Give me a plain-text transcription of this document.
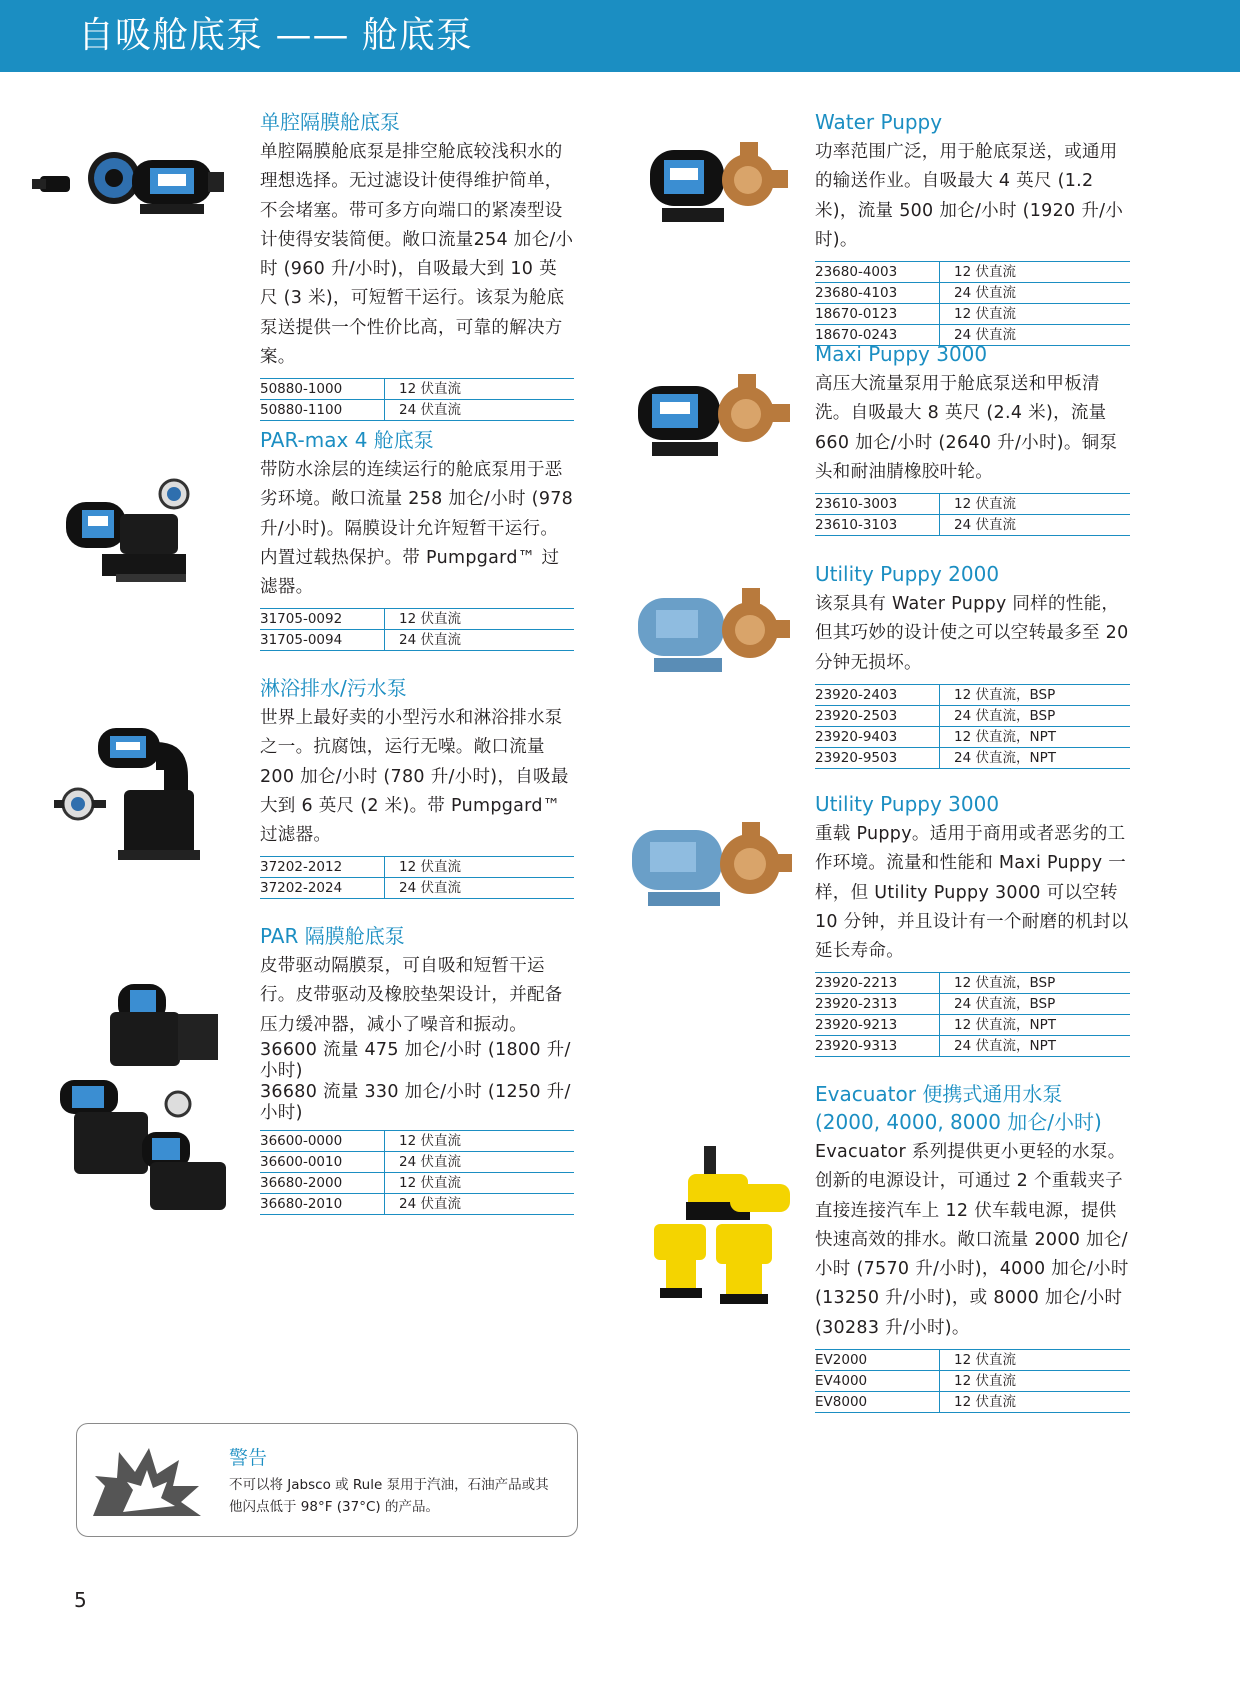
自吸舱底泵 —— 舱底泵
单腔隔膜舱底泵

单腔隔膜舱底泵是排空舱底较浅积水的理想选择。无过滤设计使得维护简单，不会堵塞。带可多方向端口的紧凑型设计使得安装简便。敞口流量254 加仑/小时 (960 升/小时)，自吸最大到 10 英尺 (3 米)，可短暂干运行。该泵为舱底泵送提供一个性价比高，可靠的解决方案。

50880-1000	12 伏直流
50880-1100	24 伏直流
PAR-max 4 舱底泵

带防水涂层的连续运行的舱底泵用于恶劣环境。敞口流量 258 加仑/小时 (978 升/小时)。隔膜设计允许短暂干运行。内置过载热保护。带 Pumpgard™ 过滤器。

31705-0092	12 伏直流
31705-0094	24 伏直流
淋浴排水/污水泵

世界上最好卖的小型污水和淋浴排水泵之一。抗腐蚀，运行无噪。敞口流量 200 加仑/小时 (780 升/小时)，自吸最大到 6 英尺 (2 米)。带 Pumpgard™ 过滤器。

37202-2012	12 伏直流
37202-2024	24 伏直流
PAR 隔膜舱底泵

皮带驱动隔膜泵，可自吸和短暂干运行。皮带驱动及橡胶垫架设计，并配备压力缓冲器，减小了噪音和振动。

36600 流量 475 加仑/小时 (1800 升/小时)

36680 流量 330 加仑/小时 (1250 升/小时)

36600-0000	12 伏直流
36600-0010	24 伏直流
36680-2000	12 伏直流
36680-2010	24 伏直流
Water Puppy

功率范围广泛，用于舱底泵送，或通用的输送作业。自吸最大 4 英尺 (1.2 米)，流量 500 加仑/小时 (1920 升/小时)。

23680-4003	12 伏直流
23680-4103	24 伏直流
18670-0123	12 伏直流
18670-0243	24 伏直流
Maxi Puppy 3000

高压大流量泵用于舱底泵送和甲板清洗。自吸最大 8 英尺 (2.4 米)，流量 660 加仑/小时 (2640 升/小时)。铜泵头和耐油腈橡胶叶轮。

23610-3003	12 伏直流
23610-3103	24 伏直流
Utility Puppy 2000

该泵具有 Water Puppy 同样的性能，但其巧妙的设计使之可以空转最多至 20 分钟无损坏。

23920-2403	12 伏直流，BSP
23920-2503	24 伏直流，BSP
23920-9403	12 伏直流，NPT
23920-9503	24 伏直流，NPT
Utility Puppy 3000

重载 Puppy。适用于商用或者恶劣的工作环境。流量和性能和 Maxi Puppy 一样，但 Utility Puppy 3000 可以空转 10 分钟，并且设计有一个耐磨的机封以延长寿命。

23920-2213	12 伏直流，BSP
23920-2313	24 伏直流，BSP
23920-9213	12 伏直流，NPT
23920-9313	24 伏直流，NPT
Evacuator 便携式通用水泵 (2000, 4000, 8000 加仑/小时)

Evacuator 系列提供更小更轻的水泵。创新的电源设计，可通过 2 个重载夹子直接连接汽车上 12 伏车载电源，提供快速高效的排水。敞口流量 2000 加仑/小时 (7570 升/小时)，4000 加仑/小时 (13250 升/小时)，或 8000 加仑/小时 (30283 升/小时)。

EV2000	12 伏直流
EV4000	12 伏直流
EV8000	12 伏直流
警告
不可以将 Jabsco 或 Rule 泵用于汽油，石油产品或其他闪点低于 98°F (37°C) 的产品。
5
